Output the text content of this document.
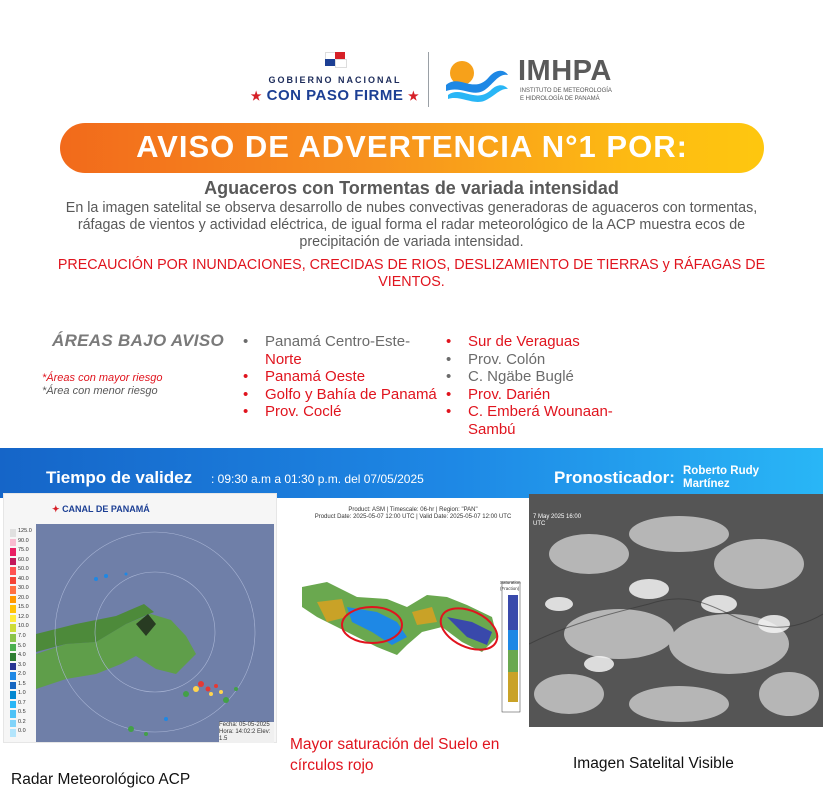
GOBIERNO NACIONAL
★ CON PASO FIRME ★
IMHPA
INSTITUTO DE METEOROLOGÍA
E HIDROLOGÍA DE PANAMÁ
AVISO DE ADVERTENCIA N°1 POR:
Aguaceros con Tormentas de variada intensidad
En la imagen satelital se observa desarrollo de nubes convectivas generadoras de aguaceros con tormentas, ráfagas de vientos y actividad eléctrica, de igual forma el radar meteorológico de la ACP muestra ecos de precipitación de variada intensidad.
PRECAUCIÓN POR INUNDACIONES, CRECIDAS DE RIOS, DESLIZAMIENTO DE TIERRAS y RÁFAGAS DE VIENTOS.
ÁREAS BAJO AVISO
*Áreas con mayor riesgo
*Área con menor riesgo
• Panamá Centro-Este-
Norte
• Panamá Oeste
• Golfo y Bahía de Panamá
• Prov. Coclé
• Sur de Veraguas
• Prov. Colón
• C. Ngäbe Buglé
• Prov. Darién
• C. Emberá Wounaan-Sambú
Tiempo de validez : 09:30 a.m a 01:30 p.m. del 07/05/2025	Pronosticador: Roberto Rudy Martínez
✦ CANAL DE PANAMÁ
125.0
90.0
75.0
60.0
50.0
40.0
30.0
20.0
15.0
12.0
10.0
7.0
5.0
4.0
3.0
2.0
1.5
1.0
0.7
0.5
0.2
0.0
Fecha: 05-05-2025 Hora: 14:02:2 Elev: 1.5
Radar Meteorológico ACP
Product: ASM | Timescale: 06-hr | Region: "PAN"
Product Date: 2025-05-07 12:00 UTC | Valid Date: 2025-05-07 12:00 UTC
Saturation (Fraction)
Mayor saturación del Suelo en círculos rojo
7 May 2025 16:00 UTC
Imagen Satelital Visible
